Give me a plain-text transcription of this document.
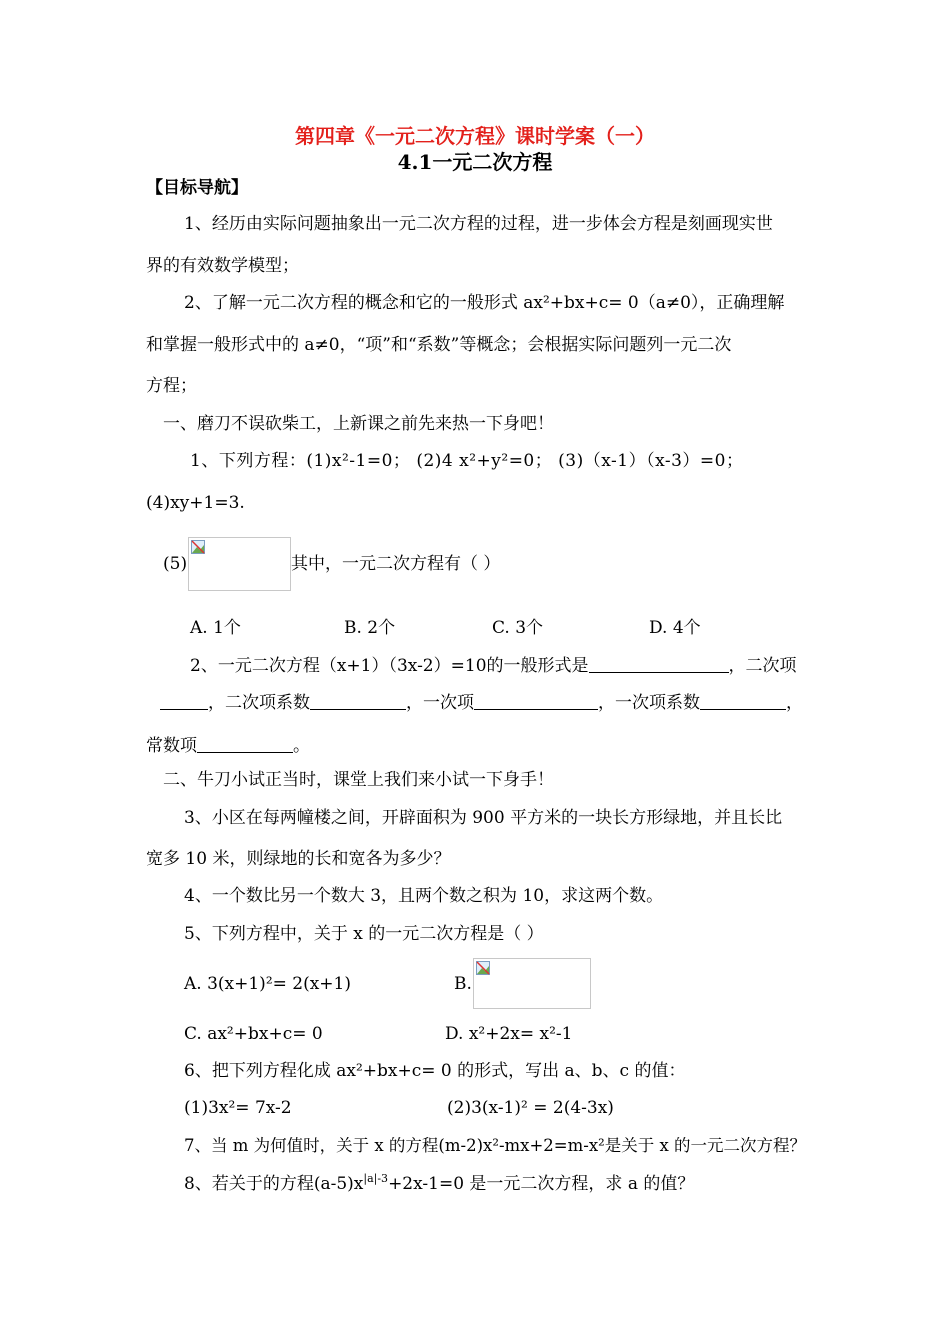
第四章《一元二次方程》课时学案（一）
4.1一元二次方程
【目标导航】
1、经历由实际问题抽象出一元二次方程的过程，进一步体会方程是刻画现实世
界的有效数学模型；
2、了解一元二次方程的概念和它的一般形式 ax²+bx+c= 0（a≠0），正确理解
和掌握一般形式中的 a≠0，“项”和“系数”等概念；会根据实际问题列一元二次
方程；
一、磨刀不误砍柴工，上新课之前先来热一下身吧！
1、下列方程：(1)x²-1=0； (2)4 x²+y²=0； (3)（x-1）（x-3）=0；
(4)xy+1=3.
(5)	其中，一元二次方程有（ ）
A. 1个	B. 2个	C. 3个	D. 4个
2、一元二次方程（x+1）（3x-2）=10的一般形式是	，二次项
，二次项系数	，一次项	，一次项系数	，
常数项	。
二、牛刀小试正当时，课堂上我们来小试一下身手！
3、小区在每两幢楼之间，开辟面积为 900 平方米的一块长方形绿地，并且长比
宽多 10 米，则绿地的长和宽各为多少？
4、一个数比另一个数大 3，且两个数之积为 10，求这两个数。
5、下列方程中，关于 x 的一元二次方程是（ ）
A. 3(x+1)²= 2(x+1)	B.
C. ax²+bx+c= 0	D. x²+2x= x²-1
6、把下列方程化成 ax²+bx+c= 0 的形式，写出 a、b、c 的值：
(1)3x²= 7x-2	(2)3(x-1)² = 2(4-3x)
7、当 m 为何值时，关于 x 的方程(m-2)x²-mx+2=m-x²是关于 x 的一元二次方程？
8、若关于的方程$(a-5)x^{|a|-3}+2x-1=0$ 是一元二次方程，求 a 的值？
